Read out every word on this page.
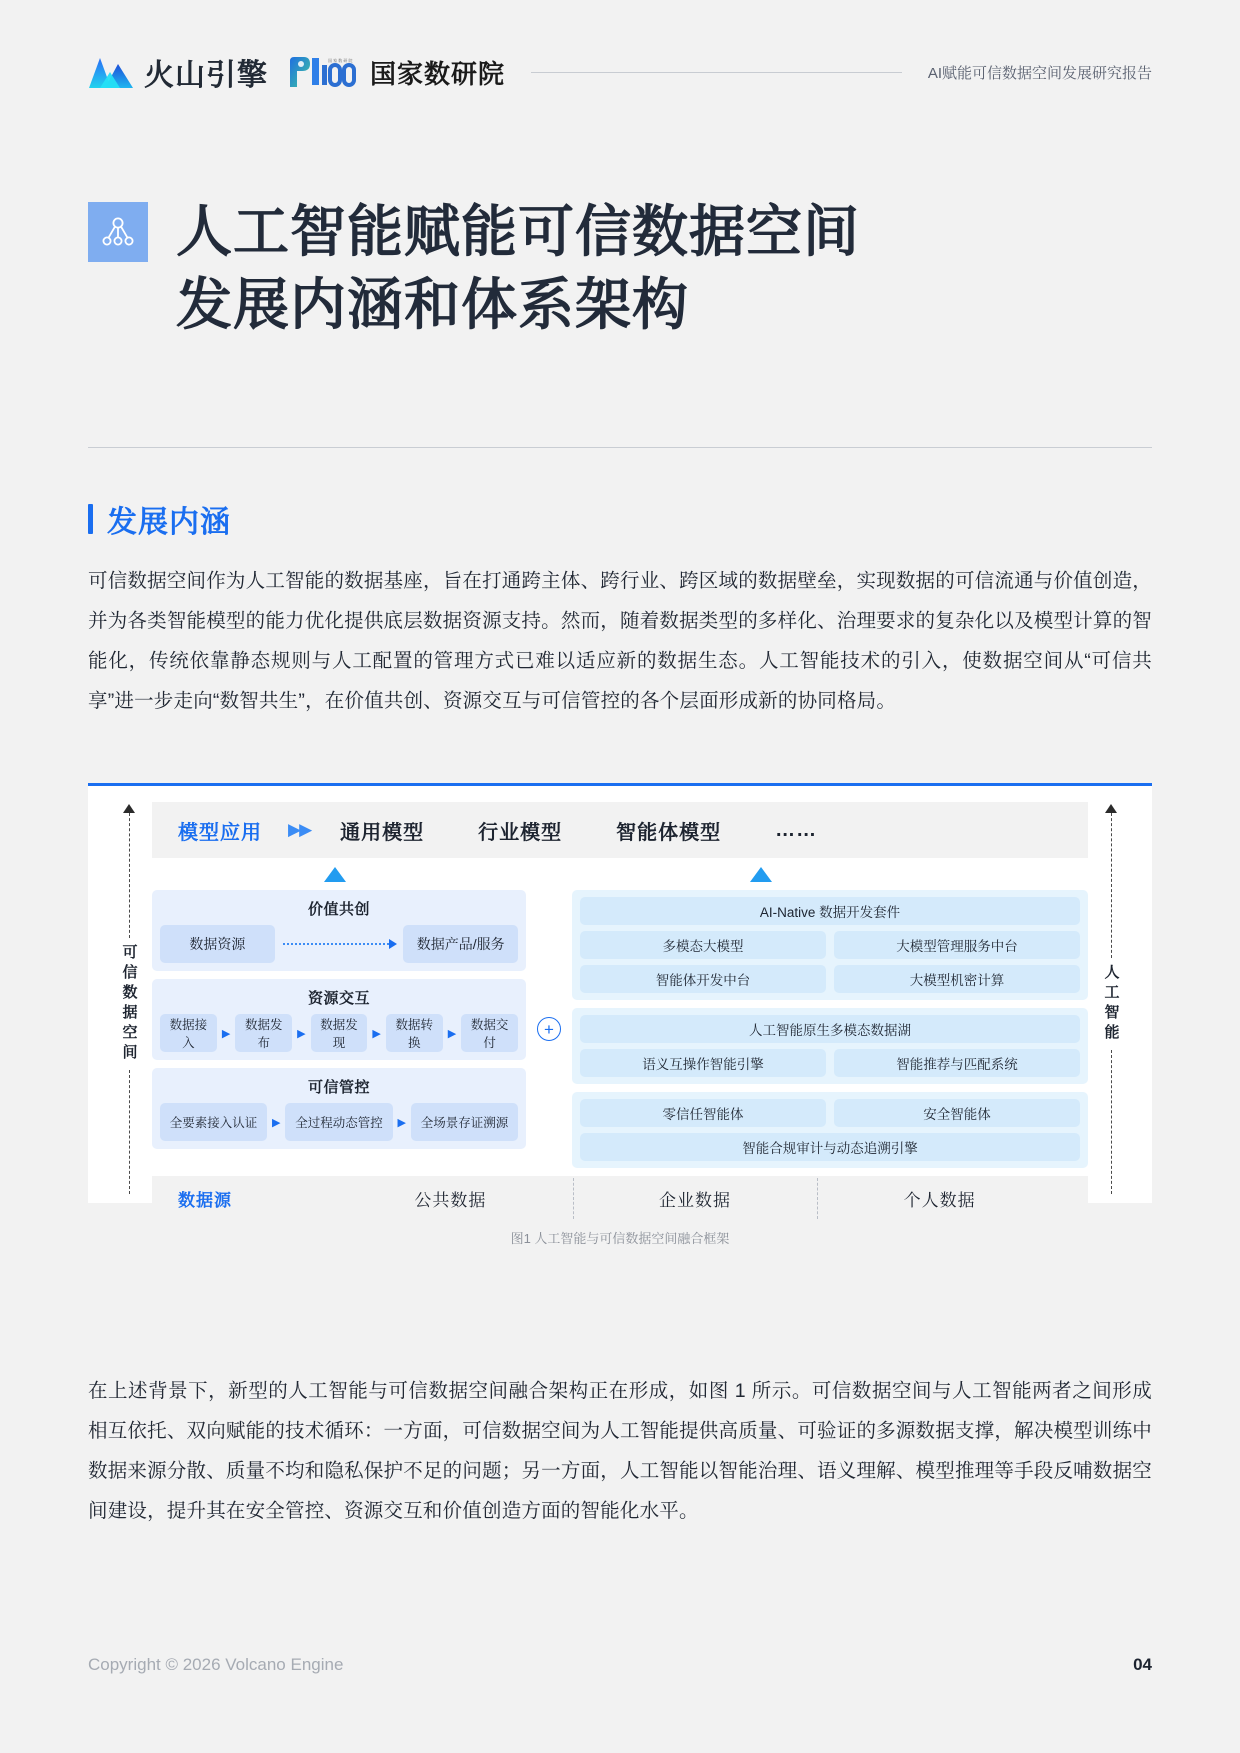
火山引擎	国 家 数 研 院 国家数研院	AI赋能可信数据空间发展研究报告
人工智能赋能可信数据空间
发展内涵和体系架构
发展内涵

可信数据空间作为人工智能的数据基座，旨在打通跨主体、跨行业、跨区域的数据壁垒，实现数据的可信流通与价值创造，并为各类智能模型的能力优化提供底层数据资源支持。然而，随着数据类型的多样化、治理要求的复杂化以及模型计算的智能化，传统依靠静态规则与人工配置的管理方式已难以适应新的数据生态。人工智能技术的引入，使数据空间从“可信共享”进一步走向“数智共生”，在价值共创、资源交互与可信管控的各个层面形成新的协同格局。

可信数据空间
模型应用 ▶▶ 通用模型	行业模型	智能体模型	……
价值共创
数据资源	数据产品/服务
资源交互
数据接入
▶
数据发布
▶
数据发现
▶
数据转换
▶
数据交付
可信管控
全要素接入认证	▶	全过程动态管控	▶	全场景存证溯源
+
AI-Native 数据开发套件
多模态大模型	大模型管理服务中台
智能体开发中台	大模型机密计算
人工智能原生多模态数据湖
语义互操作智能引擎	智能推荐与匹配系统
零信任智能体	安全智能体
智能合规审计与动态追溯引擎
数据源	公共数据	企业数据	个人数据
人工智能
图1 人工智能与可信数据空间融合框架

在上述背景下，新型的人工智能与可信数据空间融合架构正在形成，如图 1 所示。可信数据空间与人工智能两者之间形成相互依托、双向赋能的技术循环：一方面，可信数据空间为人工智能提供高质量、可验证的多源数据支撑，解决模型训练中数据来源分散、质量不均和隐私保护不足的问题；另一方面，人工智能以智能治理、语义理解、模型推理等手段反哺数据空间建设，提升其在安全管控、资源交互和价值创造方面的智能化水平。

Copyright © 2026 Volcano Engine	04
